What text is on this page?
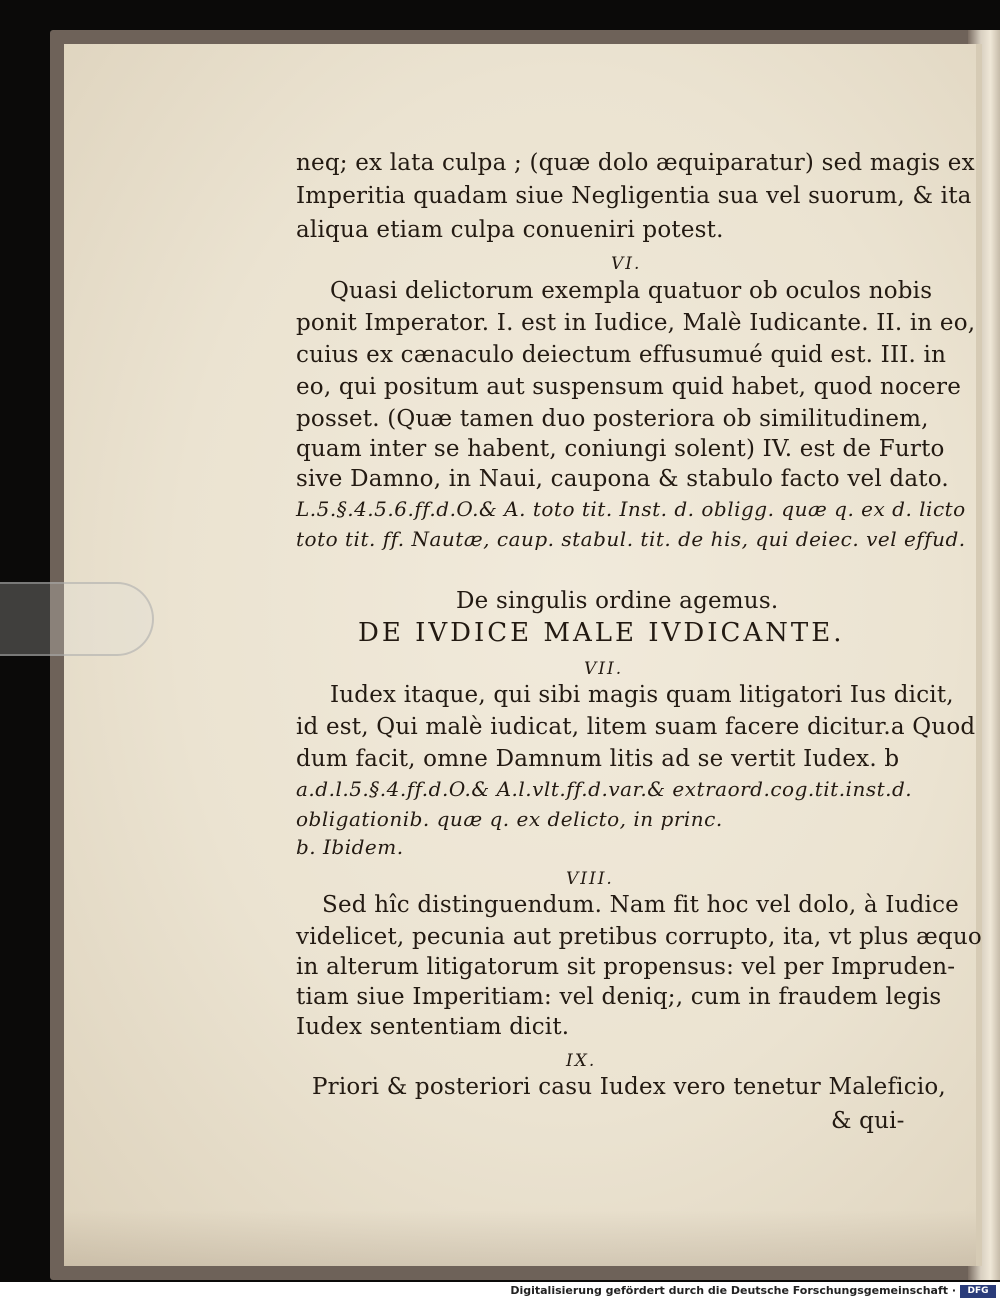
neq; ex lata culpa ; (quæ dolo æquiparatur) sed magis ex
Imperitia quadam siue Negligentia sua vel suorum, & ita
aliqua etiam culpa conueniri potest.
VI.
Quasi delictorum exempla quatuor ob oculos nobis
ponit Imperator. I. est in Iudice, Malè Iudicante. II. in eo,
cuius ex cænaculo deiectum effusumué quid est. III. in
eo, qui positum aut suspensum quid habet, quod nocere
posset. (Quæ tamen duo posteriora ob similitudinem,
quam inter se habent, coniungi solent) IV. est de Furto
sive Damno, in Naui, caupona & stabulo facto vel dato.
L.5.§.4.5.6.ff.d.O.& A. toto tit. Inst. d. obligg. quæ q. ex d. licto
toto tit. ff. Nautæ, caup. stabul. tit. de his, qui deiec. vel effud.
De singulis ordine agemus.
DE IVDICE MALE IVDICANTE.
VII.
Iudex itaque, qui sibi magis quam litigatori Ius dicit,
id est, Qui malè iudicat, litem suam facere dicitur.a Quod
dum facit, omne Damnum litis ad se vertit Iudex. b
a.d.l.5.§.4.ff.d.O.& A.l.vlt.ff.d.var.& extraord.cog.tit.inst.d.
obligationib. quæ q. ex delicto, in princ.
b. Ibidem.
VIII.
Sed hîc distinguendum. Nam fit hoc vel dolo, à Iudice
videlicet, pecunia aut pretibus corrupto, ita, vt plus æquo
in alterum litigatorum sit propensus: vel per Impruden-
tiam siue Imperitiam: vel deniq;, cum in fraudem legis
Iudex sententiam dicit.
IX.
Priori & posteriori casu Iudex vero tenetur Maleficio,
& qui-
Digitalisierung gefördert durch die Deutsche Forschungsgemeinschaft ·	DFG
